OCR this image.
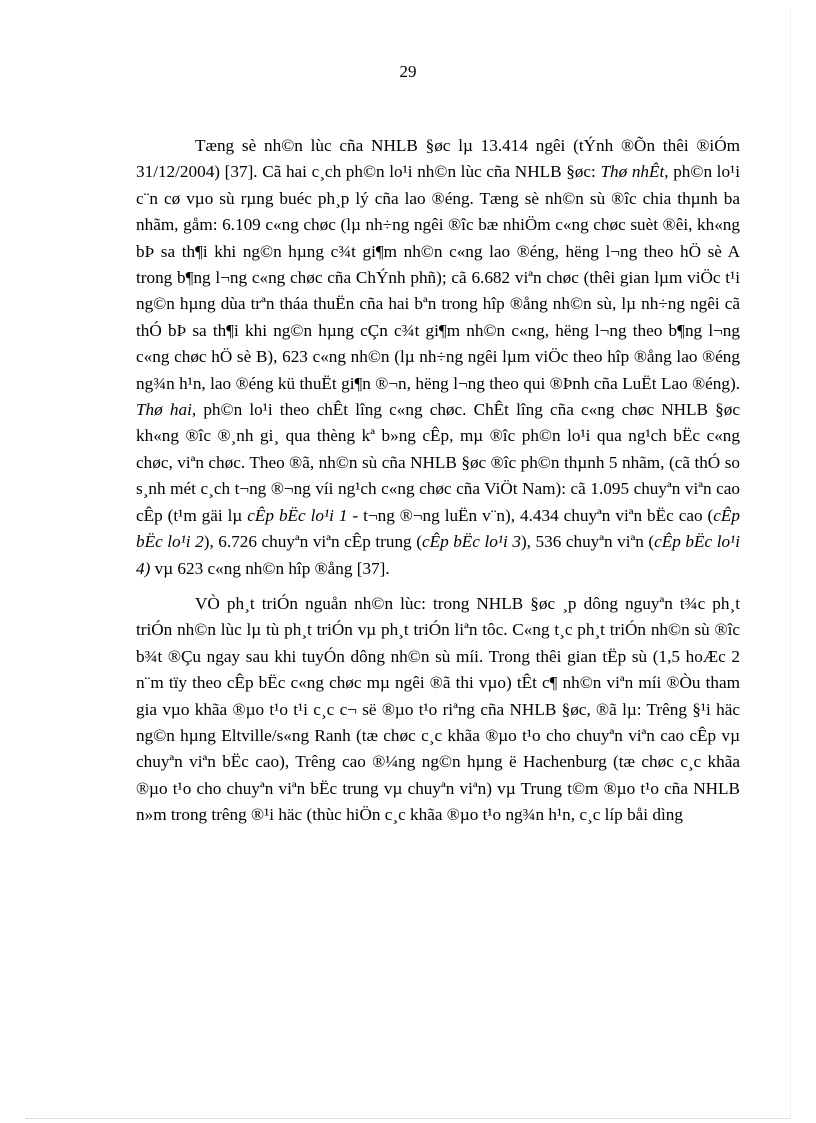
29

Tæng sè nh©n lùc cña NHLB §øc lµ 13.414 ngêi (tÝnh ®Õn thêi ®iÓm 31/12/2004) [37]. Cã hai c¸ch ph©n lo¹i nh©n lùc cña NHLB §øc: Thø nhÊt, ph©n lo¹i c¨n cø vµo sù rµng buéc ph¸p lý cña lao ®éng. Tæng sè nh©n sù ®îc chia thµnh ba nhãm, gåm: 6.109 c«ng chøc (lµ nh÷ng ngêi ®îc bæ nhiÖm c«ng chøc suèt ®êi, kh«ng bÞ sa th¶i khi ng©n hµng c¾t gi¶m nh©n c«ng lao ®éng, hëng l¬ng theo hÖ sè A trong b¶ng l¬ng c«ng chøc cña ChÝnh phñ); cã 6.682 viªn chøc (thêi gian lµm viÖc t¹i ng©n hµng dùa trªn tháa thuËn cña hai bªn trong hîp ®ång nh©n sù, lµ nh÷ng ngêi cã thÓ bÞ sa th¶i khi ng©n hµng cÇn c¾t gi¶m nh©n c«ng, hëng l¬ng theo b¶ng l¬ng c«ng chøc hÖ sè B), 623 c«ng nh©n (lµ nh÷ng ngêi lµm viÖc theo hîp ®ång lao ®éng ng¾n h¹n, lao ®éng kü thuËt gi¶n ®¬n, hëng l¬ng theo qui ®Þnh cña LuËt Lao ®éng). Thø hai, ph©n lo¹i theo chÊt lîng c«ng chøc. ChÊt lîng cña c«ng chøc NHLB §øc kh«ng ®îc ®¸nh gi¸ qua thèng kª b»ng cÊp, mµ ®îc ph©n lo¹i qua ng¹ch bËc c«ng chøc, viªn chøc. Theo ®ã, nh©n sù cña NHLB §øc ®îc ph©n thµnh 5 nhãm, (cã thÓ so s¸nh mét c¸ch t¬ng ®¬ng víi ng¹ch c«ng chøc cña ViÖt Nam): cã 1.095 chuyªn viªn cao cÊp (t¹m gäi lµ cÊp bËc lo¹i 1 - t¬ng ®¬ng luËn v¨n), 4.434 chuyªn viªn bËc cao (cÊp bËc lo¹i 2), 6.726 chuyªn viªn cÊp trung (cÊp bËc lo¹i 3), 536 chuyªn viªn (cÊp bËc lo¹i 4) vµ 623 c«ng nh©n hîp ®ång [37].

VÒ ph¸t triÓn nguån nh©n lùc: trong NHLB §øc ¸p dông nguyªn t¾c ph¸t triÓn nh©n lùc lµ tù ph¸t triÓn vµ ph¸t triÓn liªn tôc. C«ng t¸c ph¸t triÓn nh©n sù ®îc b¾t ®Çu ngay sau khi tuyÓn dông nh©n sù míi. Trong thêi gian tËp sù (1,5 hoÆc 2 n¨m tïy theo cÊp bËc c«ng chøc mµ ngêi ®ã thi vµo) tÊt c¶ nh©n viªn míi ®Òu tham gia vµo khãa ®µo t¹o t¹i c¸c c¬ së ®µo t¹o riªng cña NHLB §øc, ®ã lµ: Trêng §¹i häc ng©n hµng Eltville/s«ng Ranh (tæ chøc c¸c khãa ®µo t¹o cho chuyªn viªn cao cÊp vµ chuyªn viªn bËc cao), Trêng cao ®¼ng ng©n hµng ë Hachenburg (tæ chøc c¸c khãa ®µo t¹o cho chuyªn viªn bËc trung vµ chuyªn viªn) vµ Trung t©m ®µo t¹o cña NHLB n»m trong trêng ®¹i häc (thùc hiÖn c¸c khãa ®µo t¹o ng¾n h¹n, c¸c líp båi dìng
